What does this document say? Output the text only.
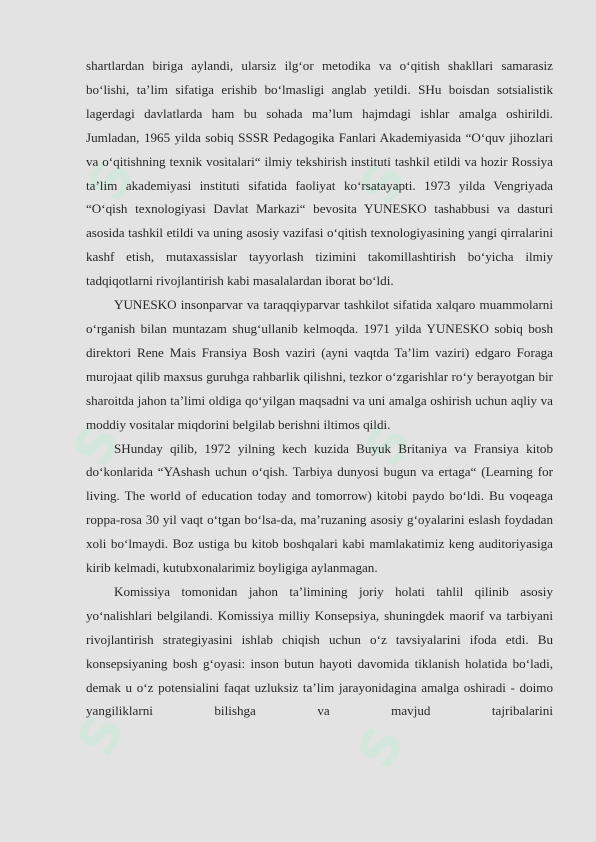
S	S
S	S
S	S

shartlardan biriga aylandi, ularsiz ilg‘or metodika va o‘qitish shakllari samarasiz bo‘lishi, ta’lim sifatiga erishib bo‘lmasligi anglab yetildi. SHu boisdan sotsialistik lagerdagi davlatlarda ham bu sohada ma’lum hajmdagi ishlar amalga oshirildi. Jumladan, 1965 yilda sobiq SSSR Pedagogika Fanlari Akademiyasida “O‘quv jihozlari va o‘qitishning texnik vositalari“ ilmiy tekshirish instituti tashkil etildi va hozir Rossiya ta’lim akademiyasi instituti sifatida faoliyat ko‘rsatayapti. 1973 yilda Vengriyada “O‘qish texnologiyasi Davlat Markazi“ bevosita YUNESKO tashabbusi va dasturi asosida tashkil etildi va uning asosiy vazifasi o‘qitish texnologiyasining yangi qirralarini kashf etish, mutaxassislar tayyorlash tizimini takomillashtirish bo‘yicha ilmiy tadqiqotlarni rivojlantirish kabi masalalardan iborat bo‘ldi.

YUNESKO insonparvar va taraqqiyparvar tashkilot sifatida xalqaro muammolarni o‘rganish bilan muntazam shug‘ullanib kelmoqda. 1971 yilda YUNESKO sobiq bosh direktori Rene Mais Fransiya Bosh vaziri (ayni vaqtda Ta’lim vaziri) edgaro Foraga murojaat qilib maxsus guruhga rahbarlik qilishni, tezkor o‘zgarishlar ro‘y berayotgan bir sharoitda jahon ta’limi oldiga qo‘yilgan maqsadni va uni amalga oshirish uchun aqliy va moddiy vositalar miqdorini belgilab berishni iltimos qildi.

SHunday qilib, 1972 yilning kech kuzida Buyuk Britaniya va Fransiya kitob do‘konlarida “YAshash uchun o‘qish. Tarbiya dunyosi bugun va ertaga“ (Learning for living. The world of education today and tomorrow) kitobi paydo bo‘ldi. Bu voqeaga roppa-rosa 30 yil vaqt o‘tgan bo‘lsa-da, ma’ruzaning asosiy g‘oyalarini eslash foydadan xoli bo‘lmaydi. Boz ustiga bu kitob boshqalari kabi mamlakatimiz keng auditoriyasiga kirib kelmadi, kutubxonalarimiz boyligiga aylanmagan.

Komissiya tomonidan jahon ta’limining joriy holati tahlil qilinib asosiy yo‘nalishlari belgilandi. Komissiya milliy Konsepsiya, shuningdek maorif va tarbiyani rivojlantirish strategiyasini ishlab chiqish uchun o‘z tavsiyalarini ifoda etdi. Bu konsepsiyaning bosh g‘oyasi: inson butun hayoti davomida tiklanish holatida bo‘ladi, demak u o‘z potensialini faqat uzluksiz ta’lim jarayonidagina amalga oshiradi - doimo yangiliklarni bilishga va mavjud tajribalarini
